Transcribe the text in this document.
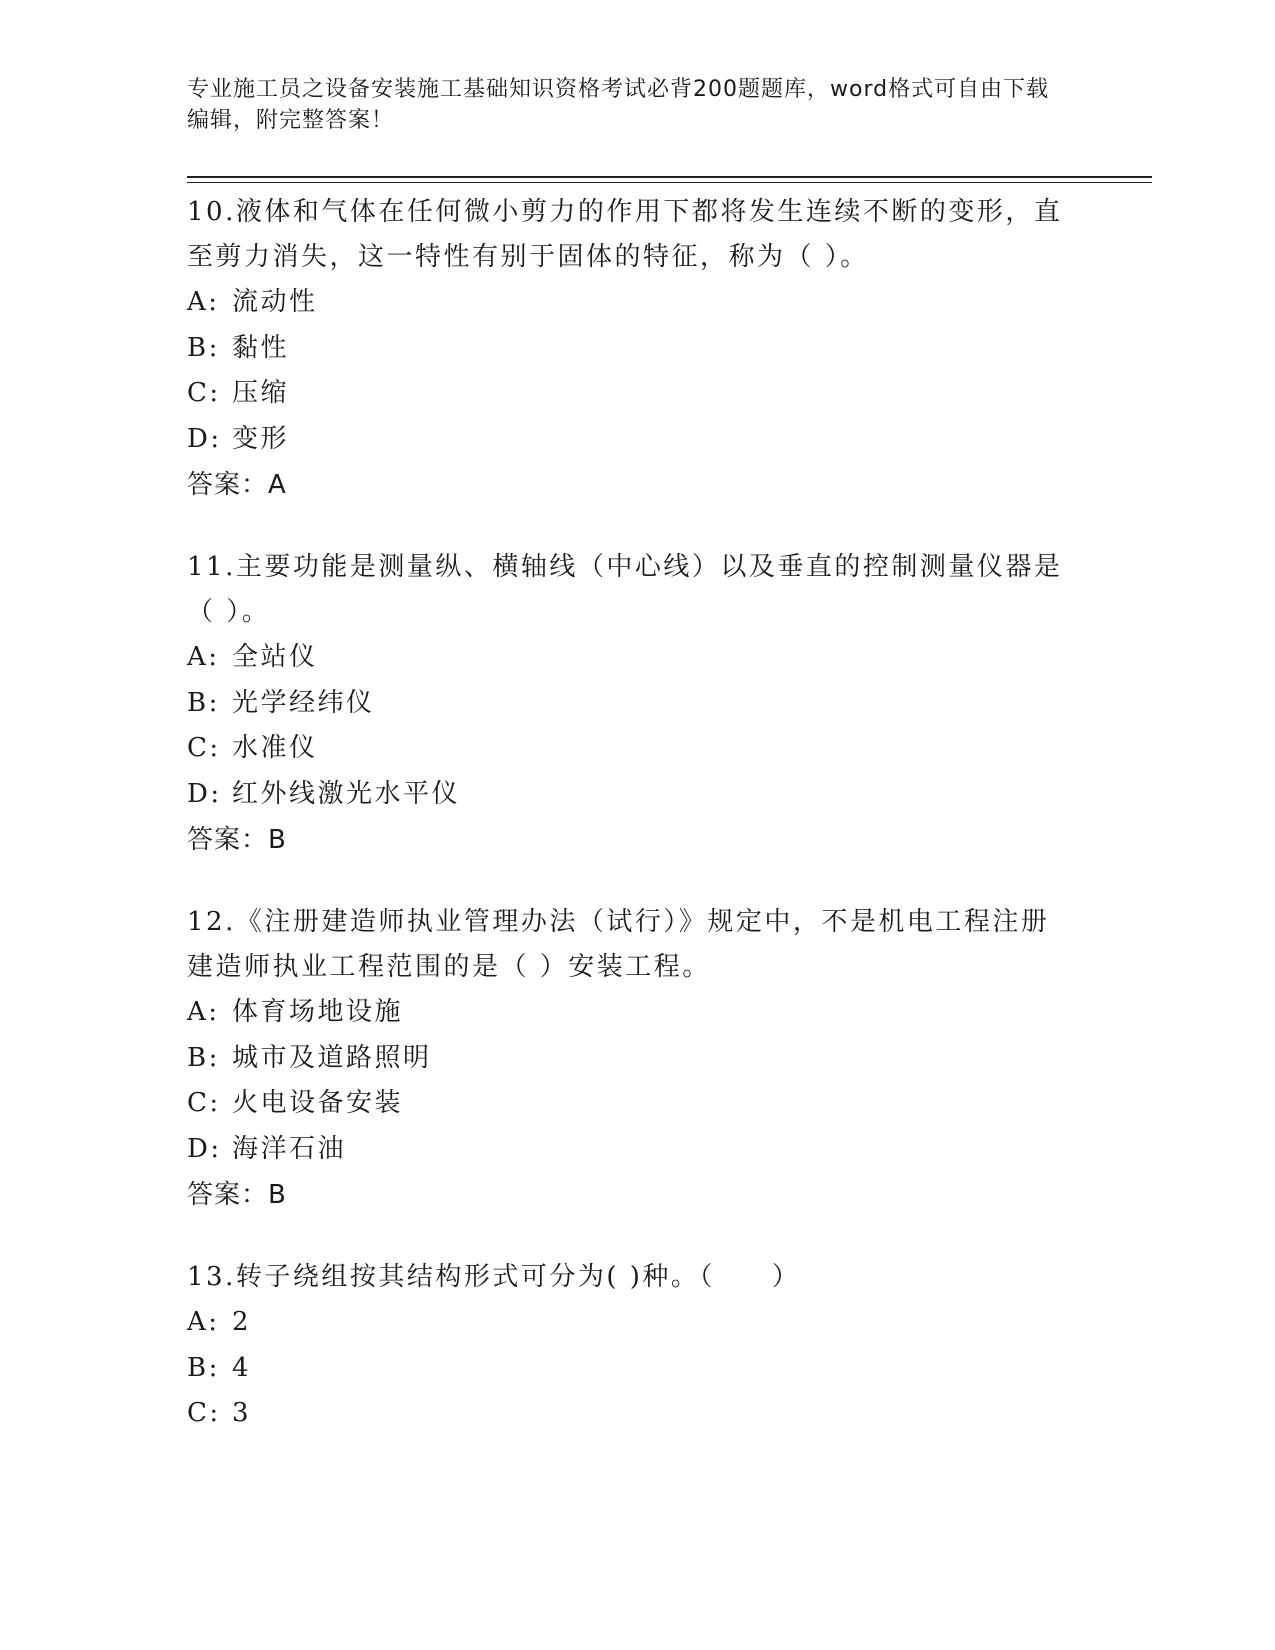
专业施工员之设备安装施工基础知识资格考试必背200题题库，word格式可自由下载编辑，附完整答案！

10.液体和气体在任何微小剪力的作用下都将发生连续不断的变形，直至剪力消失，这一特性有别于固体的特征，称为（ ）。

A: 流动性

B: 黏性

C: 压缩

D: 变形

答案：A

11.主要功能是测量纵、横轴线（中心线）以及垂直的控制测量仪器是（ ）。

A: 全站仪

B: 光学经纬仪

C: 水准仪

D: 红外线激光水平仪

答案：B

12.《注册建造师执业管理办法（试行）》规定中，不是机电工程注册建造师执业工程范围的是（ ）安装工程。

A: 体育场地设施

B: 城市及道路照明

C: 火电设备安装

D: 海洋石油

答案：B

13.转子绕组按其结构形式可分为( )种。（　　）

A: 2

B: 4

C: 3
